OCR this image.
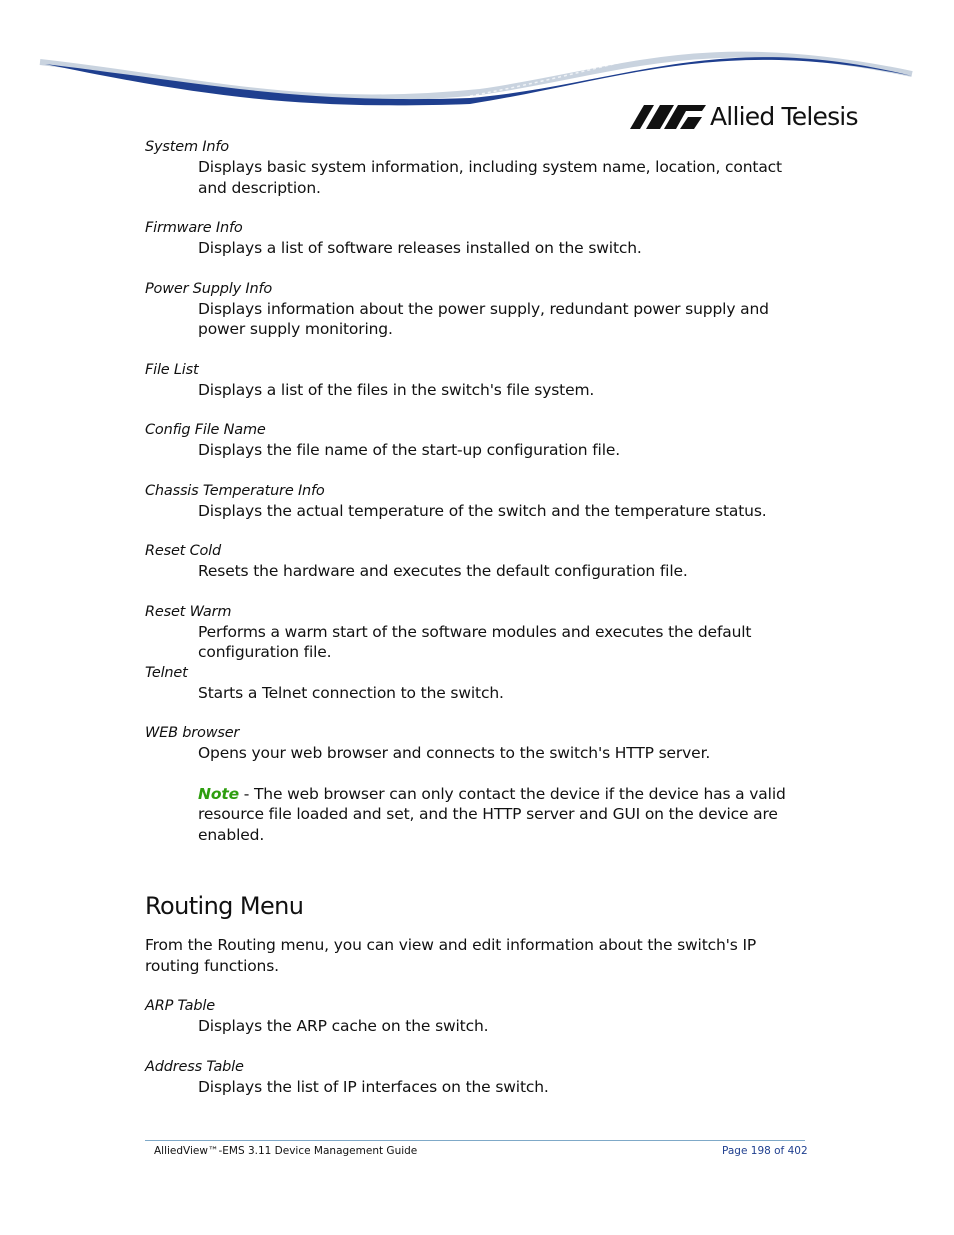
Allied Telesis

System Info

Displays basic system information, including system name, location, contact and description.

Firmware Info

Displays a list of software releases installed on the switch.

Power Supply Info

Displays information about the power supply, redundant power supply and power supply monitoring.

File List

Displays a list of the files in the switch's file system.

Config File Name

Displays the file name of the start-up configuration file.

Chassis Temperature Info

Displays the actual temperature of the switch and the temperature status.

Reset Cold

Resets the hardware and executes the default configuration file.

Reset Warm

Performs a warm start of the software modules and executes the default configuration file.

Telnet

Starts a Telnet connection to the switch.

WEB browser

Opens your web browser and connects to the switch's HTTP server.

Note - The web browser can only contact the device if the device has a valid resource file loaded and set, and the HTTP server and GUI on the device are enabled.

Routing Menu

From the Routing menu, you can view and edit information about the switch's IP routing functions.

ARP Table

Displays the ARP cache on the switch.

Address Table

Displays the list of IP interfaces on the switch.

AlliedView™-EMS 3.11 Device Management Guide	Page 198 of 402
